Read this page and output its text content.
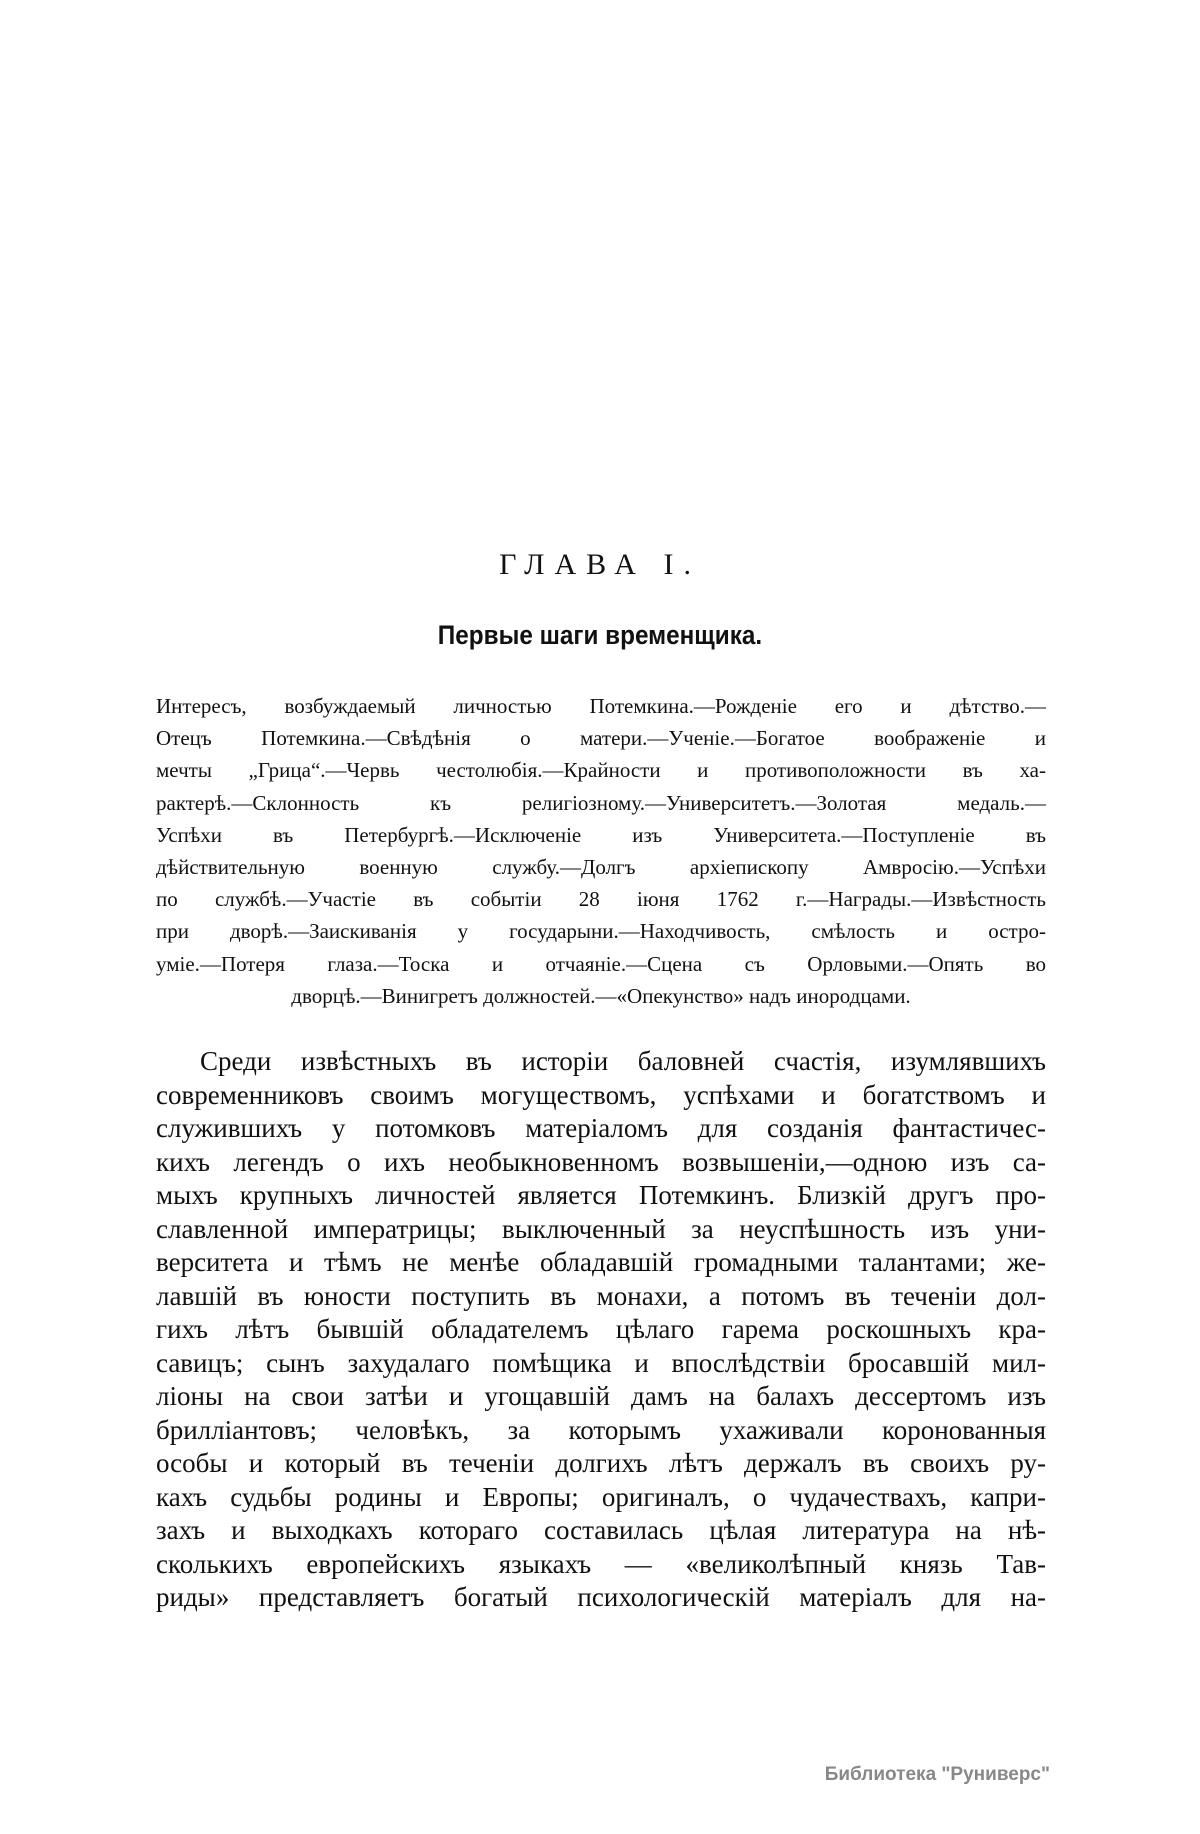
ГЛАВА I.
Первые шаги временщика.
Интересъ, возбуждаемый личностью Потемкина.—Рожденіе его и дѣтство.—
Отецъ Потемкина.—Свѣдѣнія о матери.—Ученіе.—Богатое воображеніе и
мечты „Грица“.—Червь честолюбія.—Крайности и противоположности въ ха-
рактерѣ.—Склонность къ религіозному.—Университетъ.—Золотая медаль.—
Успѣхи въ Петербургѣ.—Исключеніе изъ Университета.—Поступленіе въ
дѣйствительную военную службу.—Долгъ архіепископу Амвросію.—Успѣхи
по службѣ.—Участіе въ событіи 28 іюня 1762 г.—Награды.—Извѣстность
при дворѣ.—Заискиванія у государыни.—Находчивость, смѣлость и остро-
уміе.—Потеря глаза.—Тоска и отчаяніе.—Сцена съ Орловыми.—Опять во
дворцѣ.—Винигретъ должностей.—«Опекунство» надъ инородцами.
Среди извѣстныхъ въ исторіи баловней счастія, изумлявшихъ
современниковъ своимъ могуществомъ, успѣхами и богатствомъ и
служившихъ у потомковъ матеріаломъ для созданія фантастичес-
кихъ легендъ о ихъ необыкновенномъ возвышеніи,—одною изъ са-
мыхъ крупныхъ личностей является Потемкинъ. Близкій другъ про-
славленной императрицы; выключенный за неуспѣшность изъ уни-
верситета и тѣмъ не менѣе обладавшій громадными талантами; же-
лавшій въ юности поступить въ монахи, а потомъ въ теченіи дол-
гихъ лѣтъ бывшій обладателемъ цѣлаго гарема роскошныхъ кра-
савицъ; сынъ захудалаго помѣщика и впослѣдствіи бросавшій мил-
ліоны на свои затѣи и угощавшій дамъ на балахъ дессертомъ изъ
бриллiантовъ; человѣкъ, за которымъ ухаживали коронованныя
особы и который въ теченіи долгихъ лѣтъ держалъ въ своихъ ру-
кахъ судьбы родины и Европы; оригиналъ, о чудачествахъ, капри-
захъ и выходкахъ котораго составилась цѣлая литература на нѣ-
сколькихъ европейскихъ языкахъ — «великолѣпный князь Тав-
риды» представляетъ богатый психологическій матеріалъ для на-
Библиотека "Руниверс"
